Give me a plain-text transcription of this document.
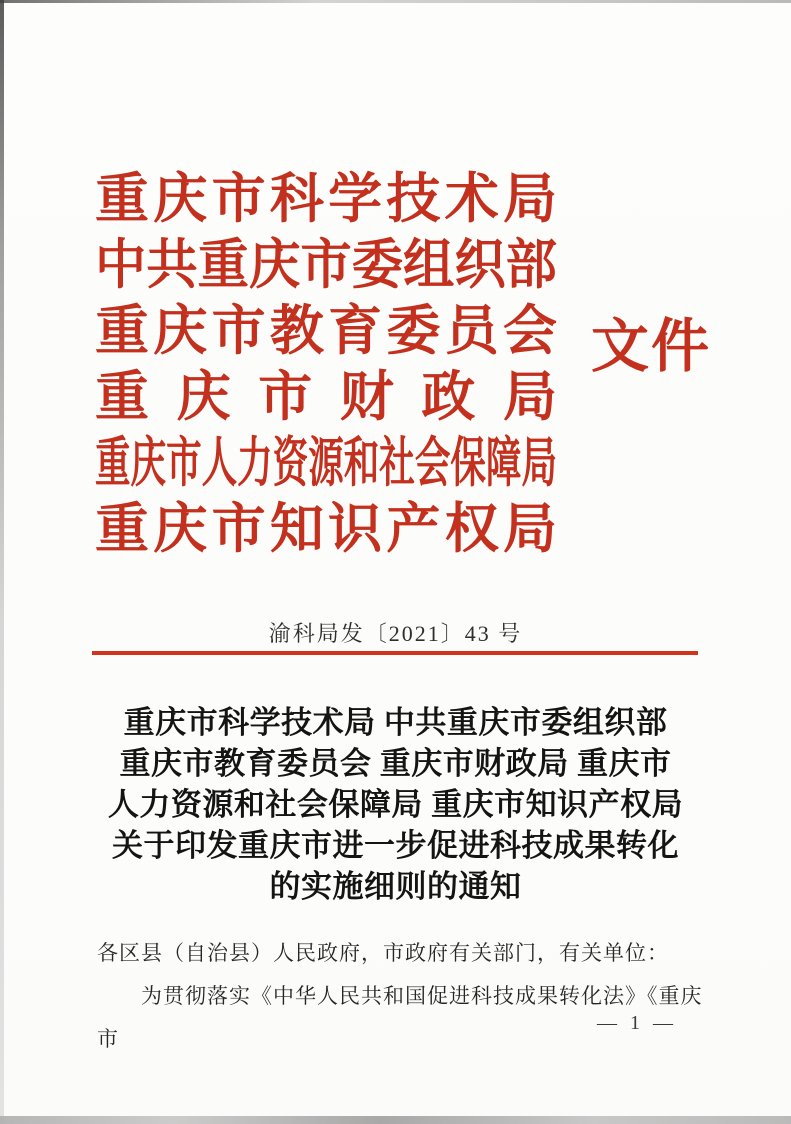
重 庆 市 科 学 技 术 局
中共重庆市委组织部
重 庆 市 教 育 委 员 会
重 庆 市 财 政 局
重庆市人力资源和社会保障局
重 庆 市 知 识 产 权 局
文件
渝科局发〔2021〕43 号
重庆市科学技术局 中共重庆市委组织部
重庆市教育委员会 重庆市财政局 重庆市
人力资源和社会保障局 重庆市知识产权局
关于印发重庆市进一步促进科技成果转化
的实施细则的通知
各区县（自治县）人民政府，市政府有关部门，有关单位：
为贯彻落实《中华人民共和国促进科技成果转化法》《重庆市
— 1 —
